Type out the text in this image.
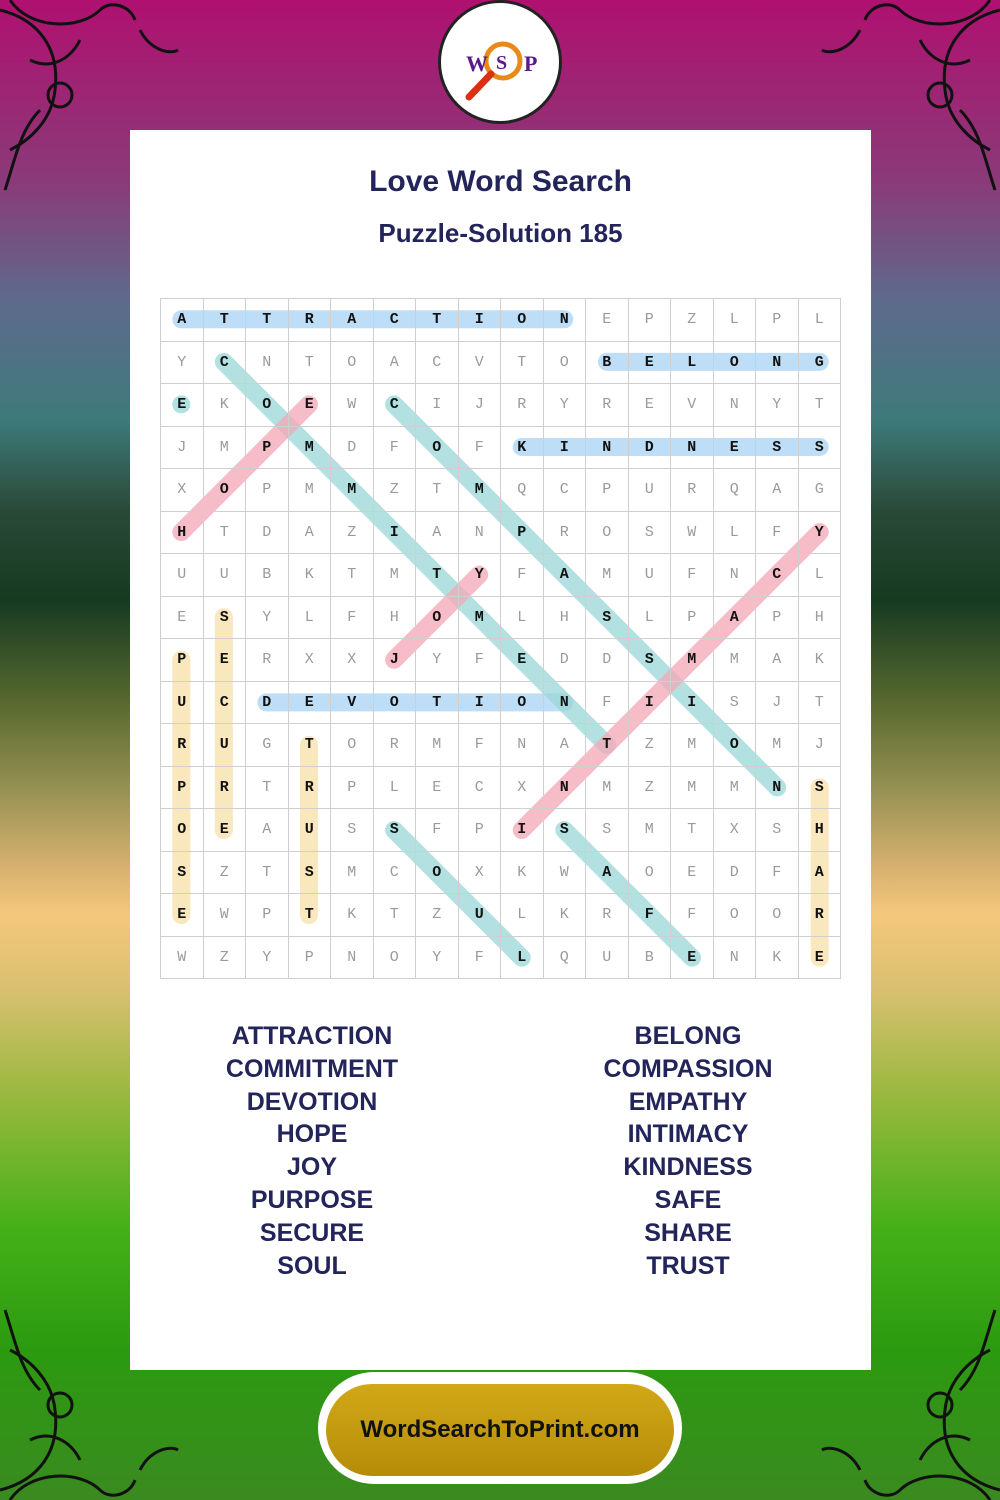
W S P
Love Word Search
Puzzle-Solution 185
A	T	T	R	A	C	T	I	O	N	E	P	Z	L	P	L
Y	C	N	T	O	A	C	V	T	O	B	E	L	O	N	G
E	K	O	E	W	C	I	J	R	Y	R	E	V	N	Y	T
J	M	P	M	D	F	O	F	K	I	N	D	N	E	S	S
X	O	P	M	M	Z	T	M	Q	C	P	U	R	Q	A	G
H	T	D	A	Z	I	A	N	P	R	O	S	W	L	F	Y
U	U	B	K	T	M	T	Y	F	A	M	U	F	N	C	L
E	S	Y	L	F	H	O	M	L	H	S	L	P	A	P	H
P	E	R	X	X	J	Y	F	E	D	D	S	M	M	A	K
U	C	D	E	V	O	T	I	O	N	F	I	I	S	J	T
R	U	G	T	O	R	M	F	N	A	T	Z	M	O	M	J
P	R	T	R	P	L	E	C	X	N	M	Z	M	M	N	S
O	E	A	U	S	S	F	P	I	S	S	M	T	X	S	H
S	Z	T	S	M	C	O	X	K	W	A	O	E	D	F	A
E	W	P	T	K	T	Z	U	L	K	R	F	F	O	O	R
W	Z	Y	P	N	O	Y	F	L	Q	U	B	E	N	K	E
ATTRACTION
COMMITMENT
DEVOTION
HOPE
JOY
PURPOSE
SECURE
SOUL
BELONG
COMPASSION
EMPATHY
INTIMACY
KINDNESS
SAFE
SHARE
TRUST
WordSearchToPrint.com
